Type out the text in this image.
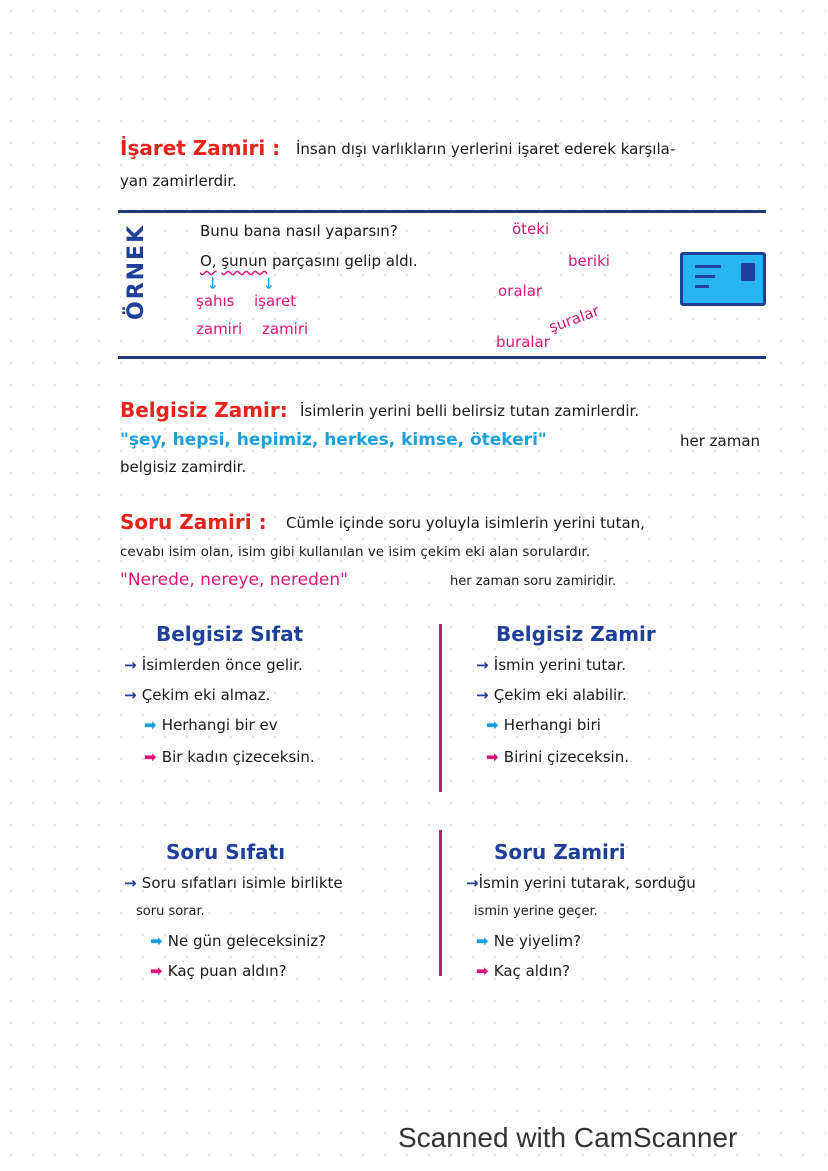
İşaret Zamiri : İnsan dışı varlıkların yerlerini işaret ederek karşıla-
yan zamirlerdir.
ÖRNEK	Bunu bana nasıl yaparsın?
O, şunun parçasını gelip aldı.
↓	↓
şahıs
zamiri
işaret
zamiri
öteki
beriki
oralar
şuralar
buralar
Belgisiz Zamir: İsimlerin yerini belli belirsiz tutan zamirlerdir.
"şey, hepsi, hepimiz, herkes, kimse, ötekeri"	her zaman
belgisiz zamirdir.
Soru Zamiri : Cümle içinde soru yoluyla isimlerin yerini tutan,
cevabı isim olan, isim gibi kullanılan ve isim çekim eki alan sorulardır.
"Nerede, nereye, nereden"	her zaman soru zamiridir.
Belgisiz Sıfat
→ İsimlerden önce gelir.
→ Çekim eki almaz.
➡ Herhangi bir ev
➡ Bir kadın çizeceksin.
Belgisiz Zamir
→ İsmin yerini tutar.
→ Çekim eki alabilir.
➡ Herhangi biri
➡ Birini çizeceksin.
Soru Sıfatı
→ Soru sıfatları isimle birlikte
soru sorar.
➡ Ne gün geleceksiniz?
➡ Kaç puan aldın?
Soru Zamiri
→İsmin yerini tutarak, sorduğu
ismin yerine geçer.
➡ Ne yiyelim?
➡ Kaç aldın?
Scanned with CamScanner
